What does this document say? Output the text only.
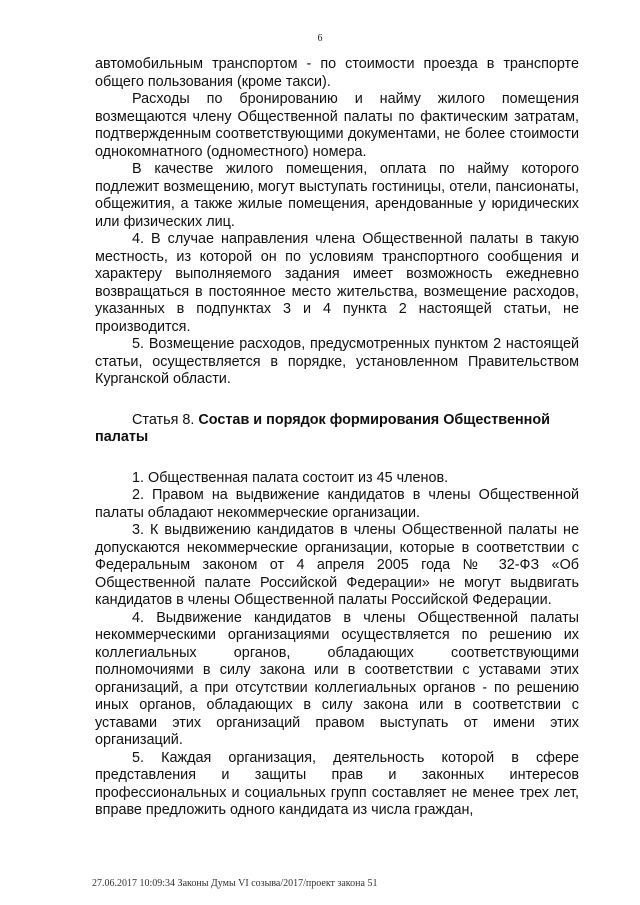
6

автомобильным транспортом - по стоимости проезда в транспорте общего пользования (кроме такси).

Расходы по бронированию и найму жилого помещения возмещаются члену Общественной палаты по фактическим затратам, подтвержденным соответствующими документами, не более стоимости однокомнатного (одноместного) номера.

В качестве жилого помещения, оплата по найму которого подлежит возмещению, могут выступать гостиницы, отели, пансионаты, общежития, а также жилые помещения, арендованные у юридических или физических лиц.

4. В случае направления члена Общественной палаты в такую местность, из которой он по условиям транспортного сообщения и характеру выполняемого задания имеет возможность ежедневно возвращаться в постоянное место жительства, возмещение расходов, указанных в подпунктах 3 и 4 пункта 2 настоящей статьи, не производится.

5. Возмещение расходов, предусмотренных пунктом 2 настоящей статьи, осуществляется в порядке, установленном Правительством Курганской области.

Статья 8. Состав и порядок формирования Общественной палаты

1. Общественная палата состоит из 45 членов.

2. Правом на выдвижение кандидатов в члены Общественной палаты обладают некоммерческие организации.

3. К выдвижению кандидатов в члены Общественной палаты не допускаются некоммерческие организации, которые в соответствии с Федеральным законом от 4 апреля 2005 года № 32-ФЗ «Об Общественной палате Российской Федерации» не могут выдвигать кандидатов в члены Общественной палаты Российской Федерации.

4. Выдвижение кандидатов в члены Общественной палаты некоммерческими организациями осуществляется по решению их коллегиальных органов, обладающих соответствующими полномочиями в силу закона или в соответствии с уставами этих организаций, а при отсутствии коллегиальных органов - по решению иных органов, обладающих в силу закона или в соответствии с уставами этих организаций правом выступать от имени этих организаций.

5. Каждая организация, деятельность которой в сфере представления и защиты прав и законных интересов профессиональных и социальных групп составляет не менее трех лет, вправе предложить одного кандидата из числа граждан,

27.06.2017 10:09:34 Законы Думы VI созыва/2017/проект закона 51
